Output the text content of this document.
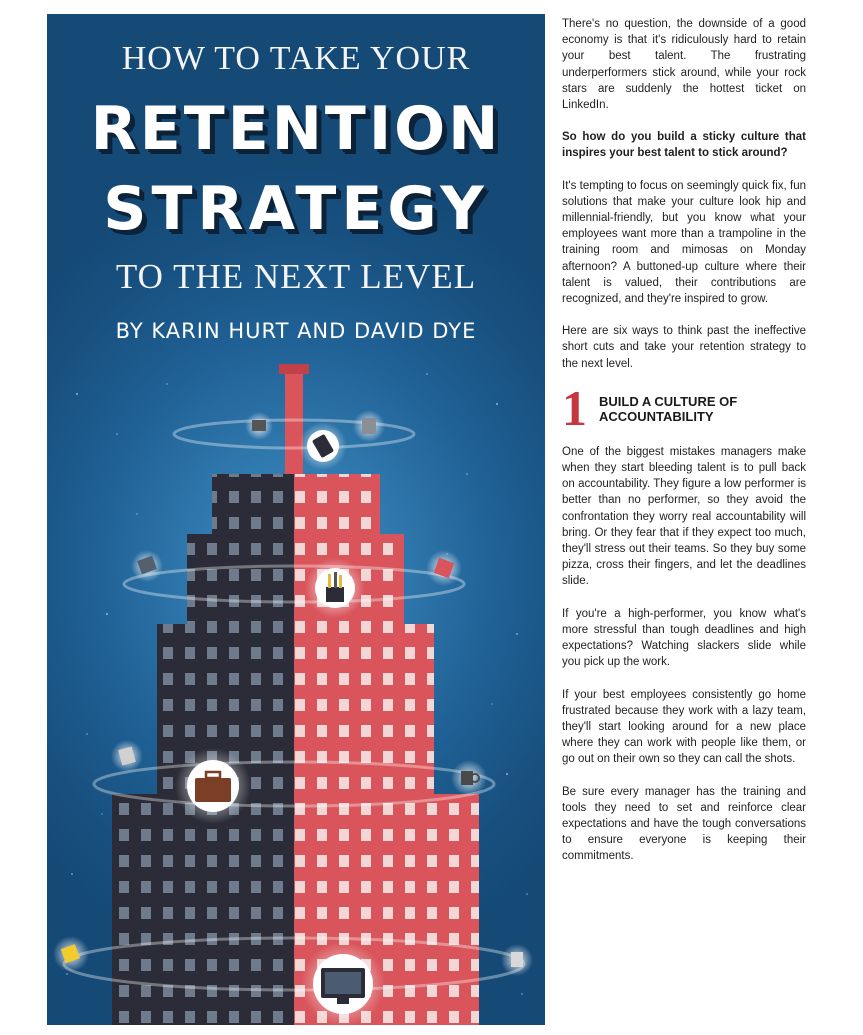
HOW TO TAKE YOUR
RETENTION
STRATEGY
TO THE NEXT LEVEL
BY KARIN HURT AND DAVID DYE

There's no question, the downside of a good economy is that it's ridiculously hard to retain your best talent. The frustrating underperformers stick around, while your rock stars are suddenly the hottest ticket on LinkedIn.

So how do you build a sticky culture that inspires your best talent to stick around?

It's tempting to focus on seemingly quick fix, fun solutions that make your culture look hip and millennial-friendly, but you know what your employees want more than a trampoline in the training room and mimosas on Monday afternoon? A buttoned-up culture where their talent is valued, their contributions are recognized, and they're inspired to grow.

Here are six ways to think past the ineffective short cuts and take your retention strategy to the next level.

1 BUILD A CULTURE OF ACCOUNTABILITY

One of the biggest mistakes managers make when they start bleeding talent is to pull back on accountability. They figure a low performer is better than no performer, so they avoid the confrontation they worry real accountability will bring. Or they fear that if they expect too much, they'll stress out their teams. So they buy some pizza, cross their fingers, and let the deadlines slide.

If you're a high-performer, you know what's more stressful than tough deadlines and high expectations? Watching slackers slide while you pick up the work.

If your best employees consistently go home frustrated because they work with a lazy team, they'll start looking around for a new place where they can work with people like them, or go out on their own so they can call the shots.

Be sure every manager has the training and tools they need to set and reinforce clear expectations and have the tough conversations to ensure everyone is keeping their commitments.
